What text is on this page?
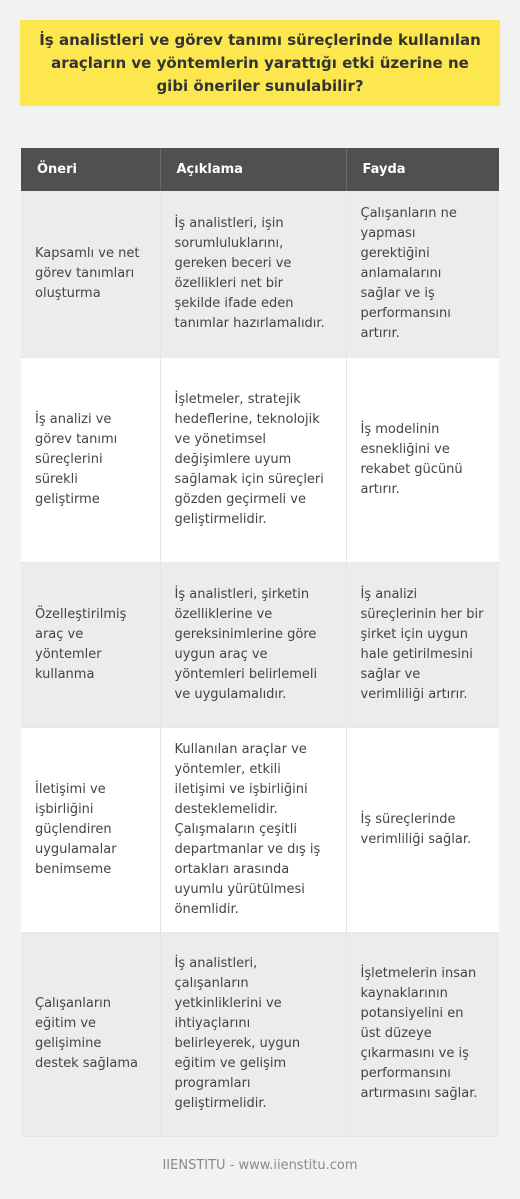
İş analistleri ve görev tanımı süreçlerinde kullanılan araçların ve yöntemlerin yarattığı etki üzerine ne gibi öneriler sunulabilir?
Öneri	Açıklama	Fayda
Kapsamlı ve net görev tanımları oluşturma	İş analistleri, işin sorumluluklarını, gereken beceri ve özellikleri net bir şekilde ifade eden tanımlar hazırlamalıdır.	Çalışanların ne yapması gerektiğini anlamalarını sağlar ve iş performansını artırır.
İş analizi ve görev tanımı süreçlerini sürekli geliştirme	İşletmeler, stratejik hedeflerine, teknolojik ve yönetimsel değişimlere uyum sağlamak için süreçleri gözden geçirmeli ve geliştirmelidir.	İş modelinin esnekliğini ve rekabet gücünü artırır.
Özelleştirilmiş araç ve yöntemler kullanma	İş analistleri, şirketin özelliklerine ve gereksinimlerine göre uygun araç ve yöntemleri belirlemeli ve uygulamalıdır.	İş analizi süreçlerinin her bir şirket için uygun hale getirilmesini sağlar ve verimliliği artırır.
İletişimi ve işbirliğini güçlendiren uygulamalar benimseme	Kullanılan araçlar ve yöntemler, etkili iletişimi ve işbirliğini desteklemelidir. Çalışmaların çeşitli departmanlar ve dış iş ortakları arasında uyumlu yürütülmesi önemlidir.	İş süreçlerinde verimliliği sağlar.
Çalışanların eğitim ve gelişimine destek sağlama	İş analistleri, çalışanların yetkinliklerini ve ihtiyaçlarını belirleyerek, uygun eğitim ve gelişim programları geliştirmelidir.	İşletmelerin insan kaynaklarının potansiyelini en üst düzeye çıkarmasını ve iş performansını artırmasını sağlar.
IIENSTITU - www.iienstitu.com
